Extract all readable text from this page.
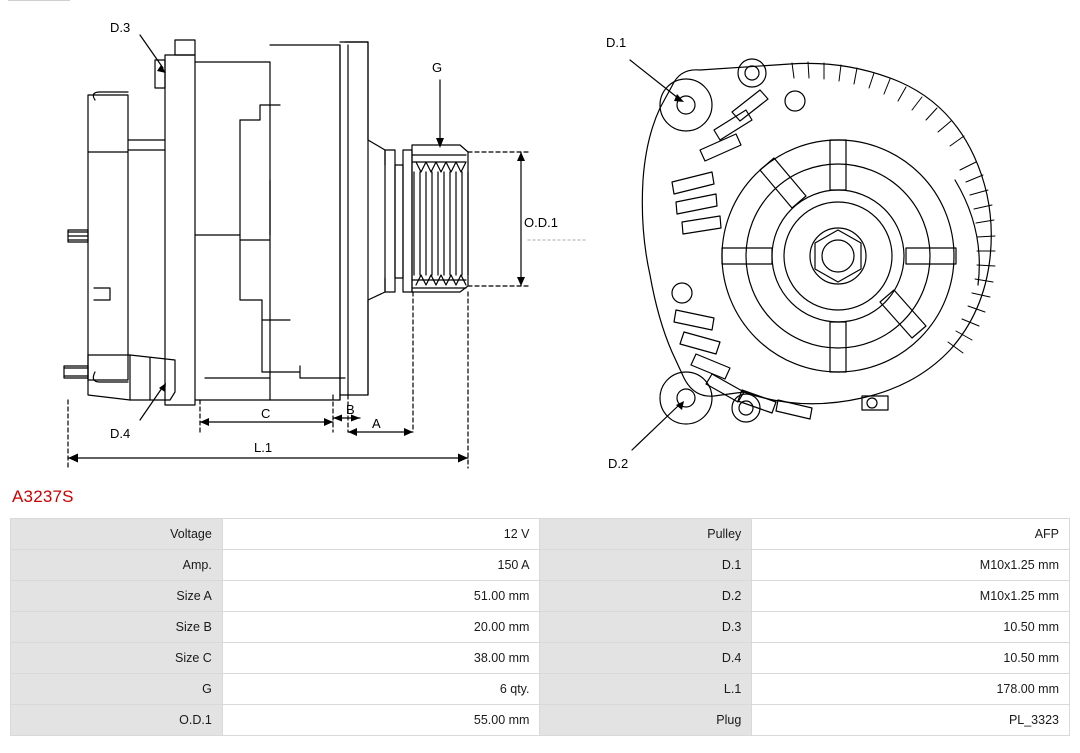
D.3
D.4
G
O.D.1
C	B
A
L.1
D.1
D.2
A3237S
Voltage	12 V	Pulley	AFP
Amp.	150 A	D.1	M10x1.25 mm
Size A	51.00 mm	D.2	M10x1.25 mm
Size B	20.00 mm	D.3	10.50 mm
Size C	38.00 mm	D.4	10.50 mm
G	6 qty.	L.1	178.00 mm
O.D.1	55.00 mm	Plug	PL_3323
